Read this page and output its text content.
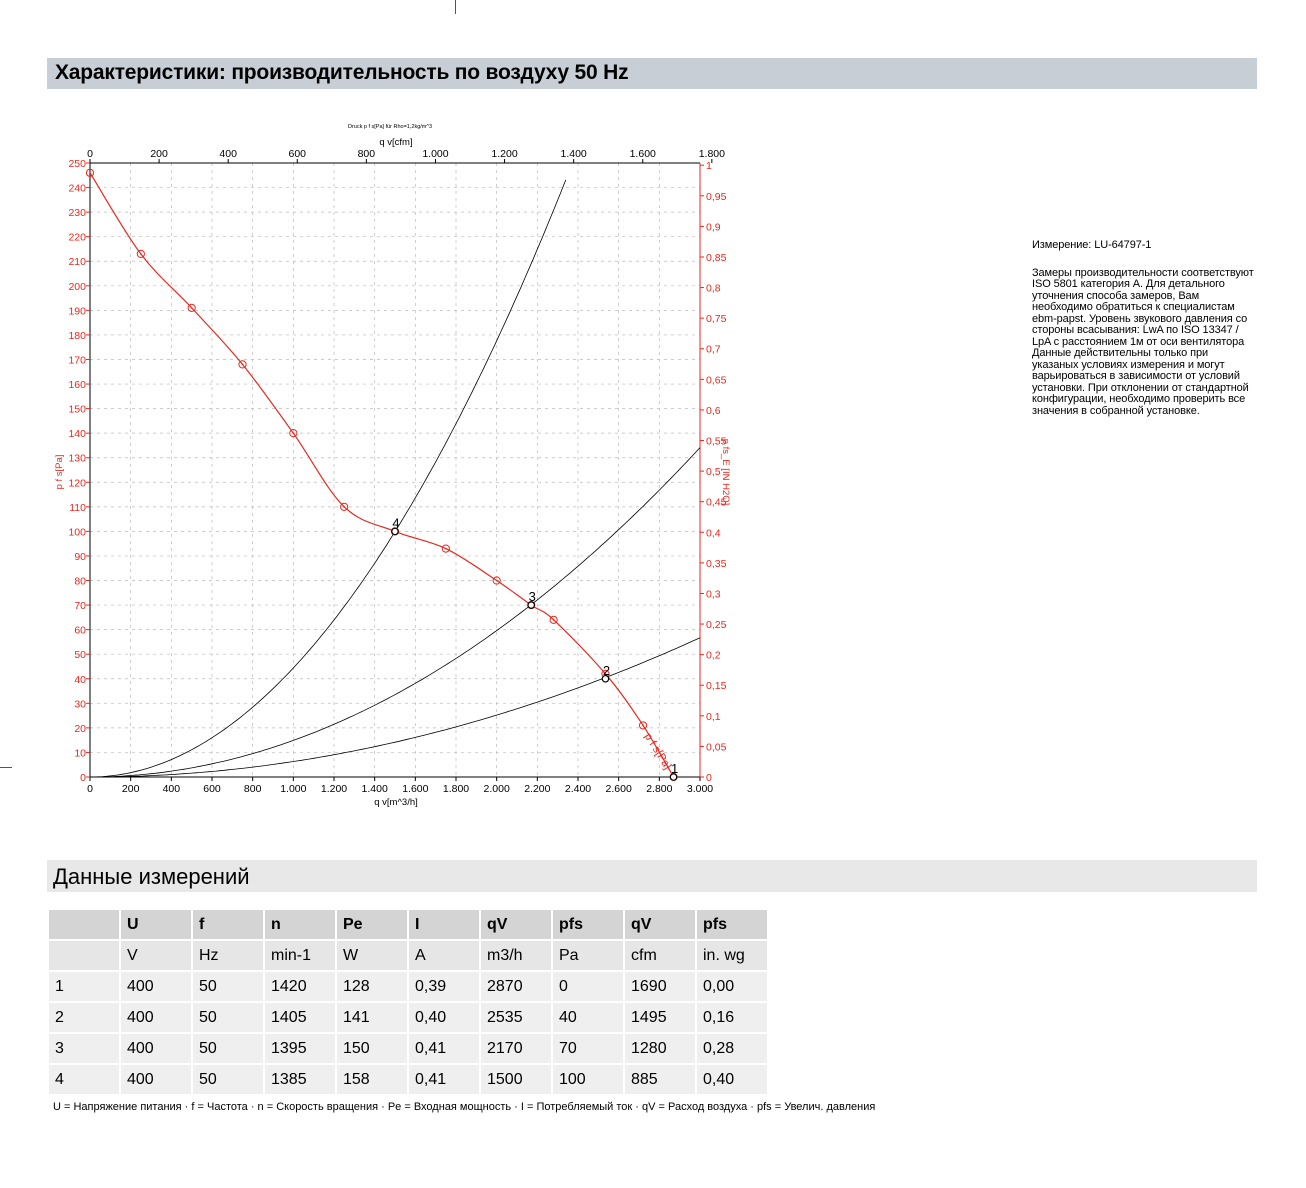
Характеристики: производительность по воздуху 50 Hz
Druck p f s[Pa] für Rho=1,2kg/m^3
q v[cfm]
q v[m^3/h]
p f s[Pa]	p fs_E [IN H2O]
p f s[Pa]
0	200 400 600 800 1.000 1.200 1.400 1.600 1.800 2.000 2.200 2.400 2.600 2.800 3.000
0	200	400	600	800	1.000	1.200	1.400	1.600	1.800
0
10
20
30
40
50
60
70
80
90
100
110
120
130
140
150
160
170
180
190
200
210
220
230
240
250
0
0,05
0,1
0,15
0,2
0,25
0,3
0,35
0,4
0,45
0,5
0,55
0,6
0,65
0,7
0,75
0,8
0,85
0,9
0,95
1
1
2
3
4
Измерение: LU-64797-1
Замеры производительности соответствуют ISO 5801 категория А. Для детального уточнения способа замеров, Вам необходимо обратиться к специалистам ebm-papst. Уровень звукового давления со стороны всасывания: LwA по ISO 13347 / LpA с расстоянием 1м от оси вентилятора Данные действительны только при указаных условиях измерения и могут варьироваться в зависимости от условий установки. При отклонении от стандартной конфигурации, необходимо проверить все значения в собранной установке.
Данные измерений
	U	f	n	Pe	I	qV	pfs	qV	pfs
	V	Hz	min-1	W	A	m3/h	Pa	cfm	in. wg
1	400	50	1420	128	0,39	2870	0	1690	0,00
2	400	50	1405	141	0,40	2535	40	1495	0,16
3	400	50	1395	150	0,41	2170	70	1280	0,28
4	400	50	1385	158	0,41	1500	100	885	0,40
U = Напряжение питания · f = Частота · n = Скорость вращения · Pe = Входная мощность · I = Потребляемый ток · qV = Расход воздуха · pfs = Увелич. давления
